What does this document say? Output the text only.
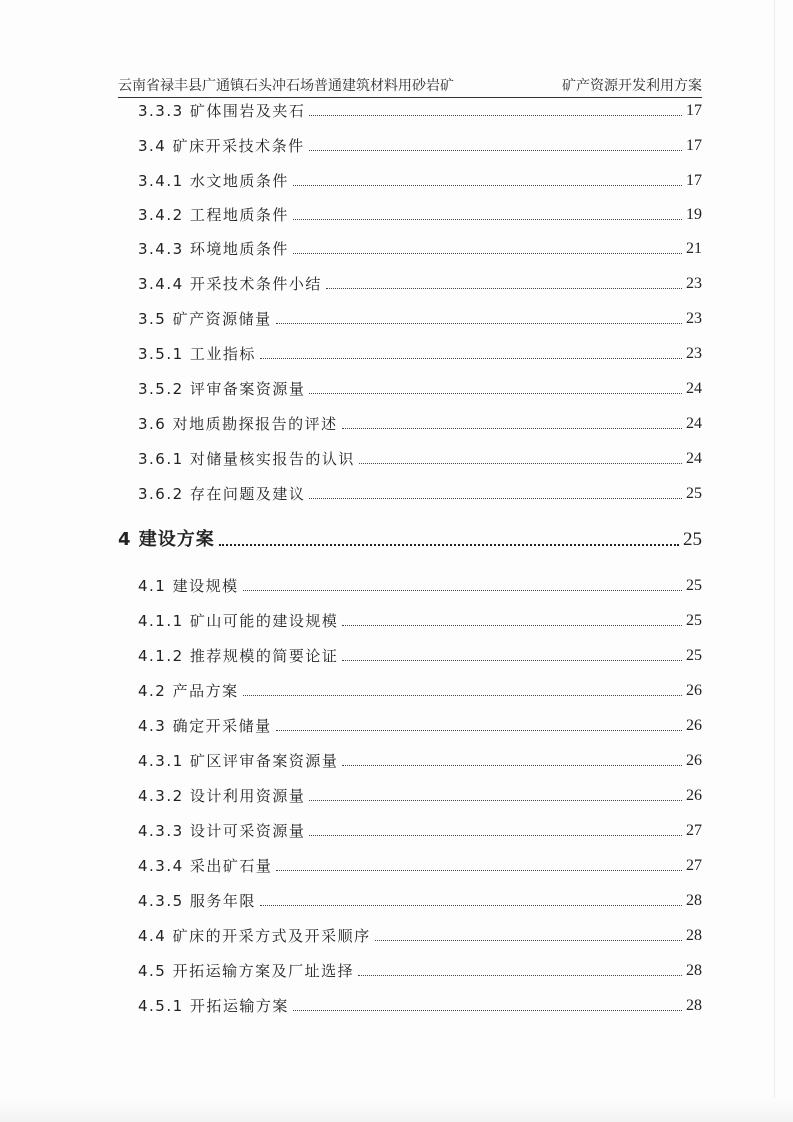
云南省禄丰县广通镇石头冲石场普通建筑材料用砂岩矿	矿产资源开发利用方案
3.3.3 矿体围岩及夹石	17
3.4 矿床开采技术条件	17
3.4.1 水文地质条件	17
3.4.2 工程地质条件	19
3.4.3 环境地质条件	21
3.4.4 开采技术条件小结	23
3.5 矿产资源储量	23
3.5.1 工业指标	23
3.5.2 评审备案资源量	24
3.6 对地质勘探报告的评述	24
3.6.1 对储量核实报告的认识	24
3.6.2 存在问题及建议	25
4 建设方案	25
4.1 建设规模	25
4.1.1 矿山可能的建设规模	25
4.1.2 推荐规模的简要论证	25
4.2 产品方案	26
4.3 确定开采储量	26
4.3.1 矿区评审备案资源量	26
4.3.2 设计利用资源量	26
4.3.3 设计可采资源量	27
4.3.4 采出矿石量	27
4.3.5 服务年限	28
4.4 矿床的开采方式及开采顺序	28
4.5 开拓运输方案及厂址选择	28
4.5.1 开拓运输方案	28
